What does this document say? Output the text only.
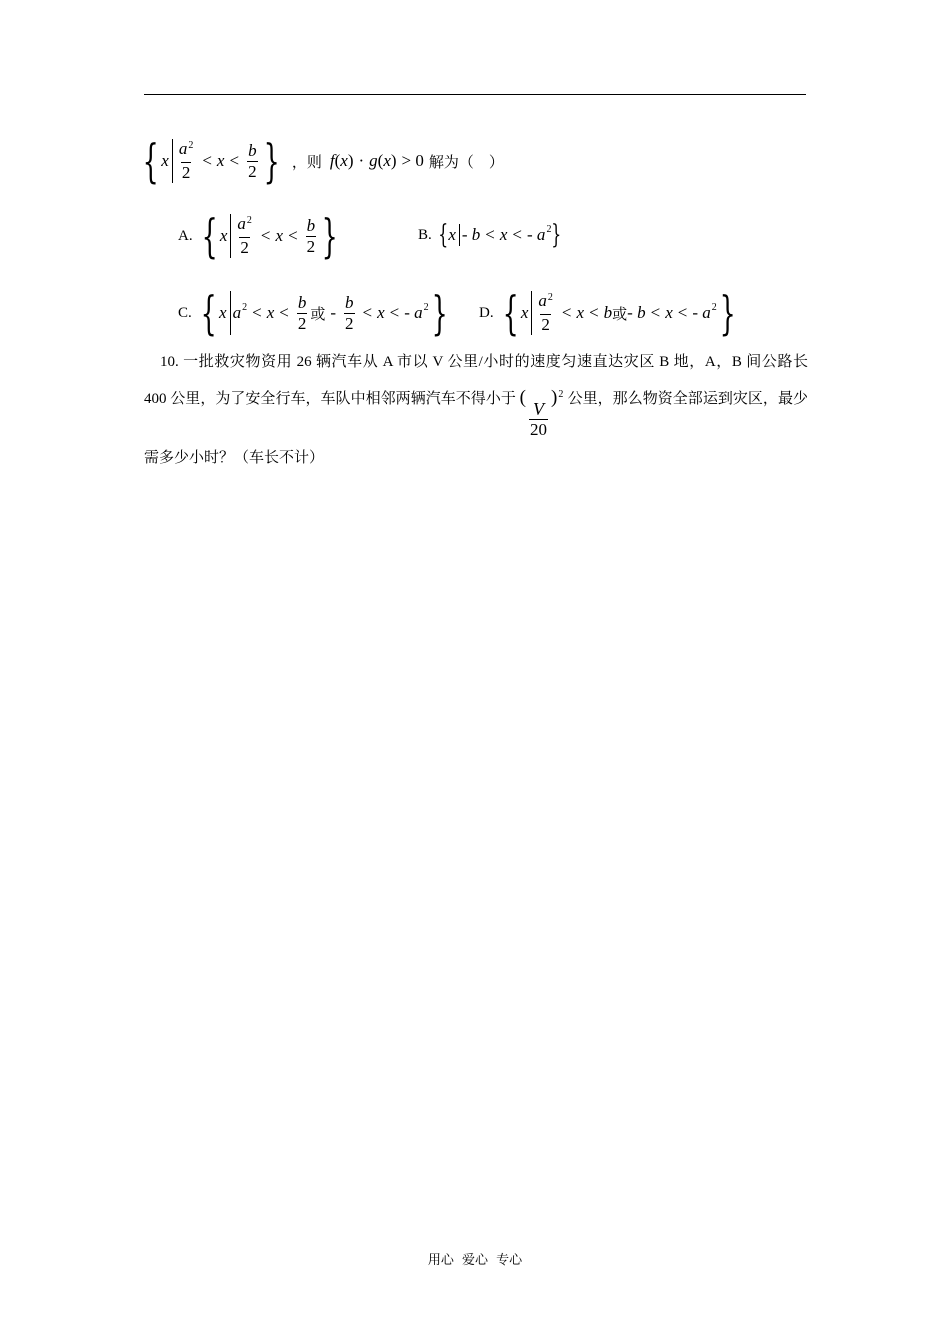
{ x $\frac{a^2}{2} < x < \frac{b}{2}$ } ，则 f ( x ) · g ( x ) > 0 解为（　）
A. { x $\frac{a^2}{2} < x < \frac{b}{2}$ }	B. { x - b < x < - $a^2$ }
C. { x $a^2 < x < \frac{b}{2}$ 或 - $\frac{b}{2} < x$ < - $a^2$ } D. { x $\frac{a^2}{2} < x < b$ 或 - b < x < - $a^2$ }
10. 一批救灾物资用 26 辆汽车从 A 市以 V 公里/小时的速度匀速直达灾区 B 地，A，B 间公路长 400 公里，为了安全行车，车队中相邻两辆汽车不得小于 (
$\frac{V}{20}$
)$^2$ 公里，那么物资全部运到灾区，最少需多少小时？（车长不计）
用心 爱心 专心
